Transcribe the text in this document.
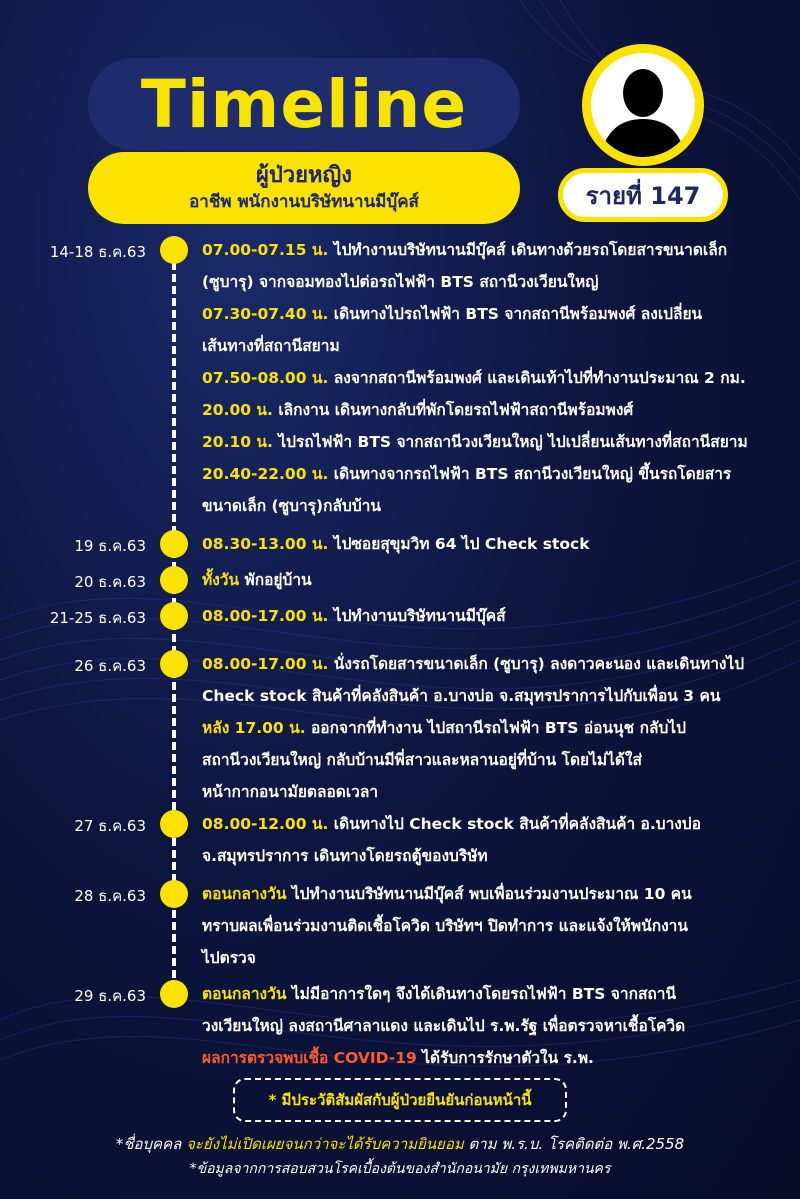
Timeline
ผู้ป่วยหญิง
อาชีพ พนักงานบริษัทนานมีบุ๊คส์	รายที่ 147
14-18 ธ.ค.63	07.00-07.15 น. ไปทำงานบริษัทนานมีบุ๊คส์ เดินทางด้วยรถโดยสารขนาดเล็ก
(ซูบารุ) จากจอมทองไปต่อรถไฟฟ้า BTS สถานีวงเวียนใหญ่
07.30-07.40 น. เดินทางไปรถไฟฟ้า BTS จากสถานีพร้อมพงศ์ ลงเปลี่ยน
เส้นทางที่สถานีสยาม
07.50-08.00 น. ลงจากสถานีพร้อมพงศ์ และเดินเท้าไปที่ทำงานประมาณ 2 กม.
20.00 น. เลิกงาน เดินทางกลับที่พักโดยรถไฟฟ้าสถานีพร้อมพงศ์
20.10 น. ไปรถไฟฟ้า BTS จากสถานีวงเวียนใหญ่ ไปเปลี่ยนเส้นทางที่สถานีสยาม
20.40-22.00 น. เดินทางจากรถไฟฟ้า BTS สถานีวงเวียนใหญ่ ขึ้นรถโดยสาร
ขนาดเล็ก (ซูบารุ)กลับบ้าน
19 ธ.ค.63	08.30-13.00 น. ไปซอยสุขุมวิท 64 ไป Check stock
20 ธ.ค.63	ทั้งวัน พักอยู่บ้าน
21-25 ธ.ค.63	08.00-17.00 น. ไปทำงานบริษัทนานมีบุ๊คส์
26 ธ.ค.63	08.00-17.00 น. นั่งรถโดยสารขนาดเล็ก (ซูบารุ) ลงดาวคะนอง และเดินทางไป
Check stock สินค้าที่คลังสินค้า อ.บางบ่อ จ.สมุทรปราการไปกับเพื่อน 3 คน
หลัง 17.00 น. ออกจากที่ทำงาน ไปสถานีรถไฟฟ้า BTS อ่อนนุช กลับไป
สถานีวงเวียนใหญ่ กลับบ้านมีพี่สาวและหลานอยู่ที่บ้าน โดยไม่ได้ใส่
หน้ากากอนามัยตลอดเวลา
27 ธ.ค.63	08.00-12.00 น. เดินทางไป Check stock สินค้าที่คลังสินค้า อ.บางบ่อ
จ.สมุทรปราการ เดินทางโดยรถตู้ของบริษัท
28 ธ.ค.63	ตอนกลางวัน ไปทำงานบริษัทนานมีบุ๊คส์ พบเพื่อนร่วมงานประมาณ 10 คน
ทราบผลเพื่อนร่วมงานติดเชื้อโควิด บริษัทฯ ปิดทำการ และแจ้งให้พนักงาน
ไปตรวจ
29 ธ.ค.63	ตอนกลางวัน ไม่มีอาการใดๆ จึงได้เดินทางโดยรถไฟฟ้า BTS จากสถานี
วงเวียนใหญ่ ลงสถานีศาลาแดง และเดินไป ร.พ.รัฐ เพื่อตรวจหาเชื้อโควิด
ผลการตรวจพบเชื้อ COVID-19 ได้รับการรักษาตัวใน ร.พ.
* มีประวัติสัมผัสกับผู้ป่วยยืนยันก่อนหน้านี้
*ชื่อบุคคล จะยังไม่เปิดเผยจนกว่าจะได้รับความยินยอม ตาม พ.ร.บ. โรคติดต่อ พ.ศ.2558
*ข้อมูลจากการสอบสวนโรคเบื้องต้นของสำนักอนามัย กรุงเทพมหานคร
